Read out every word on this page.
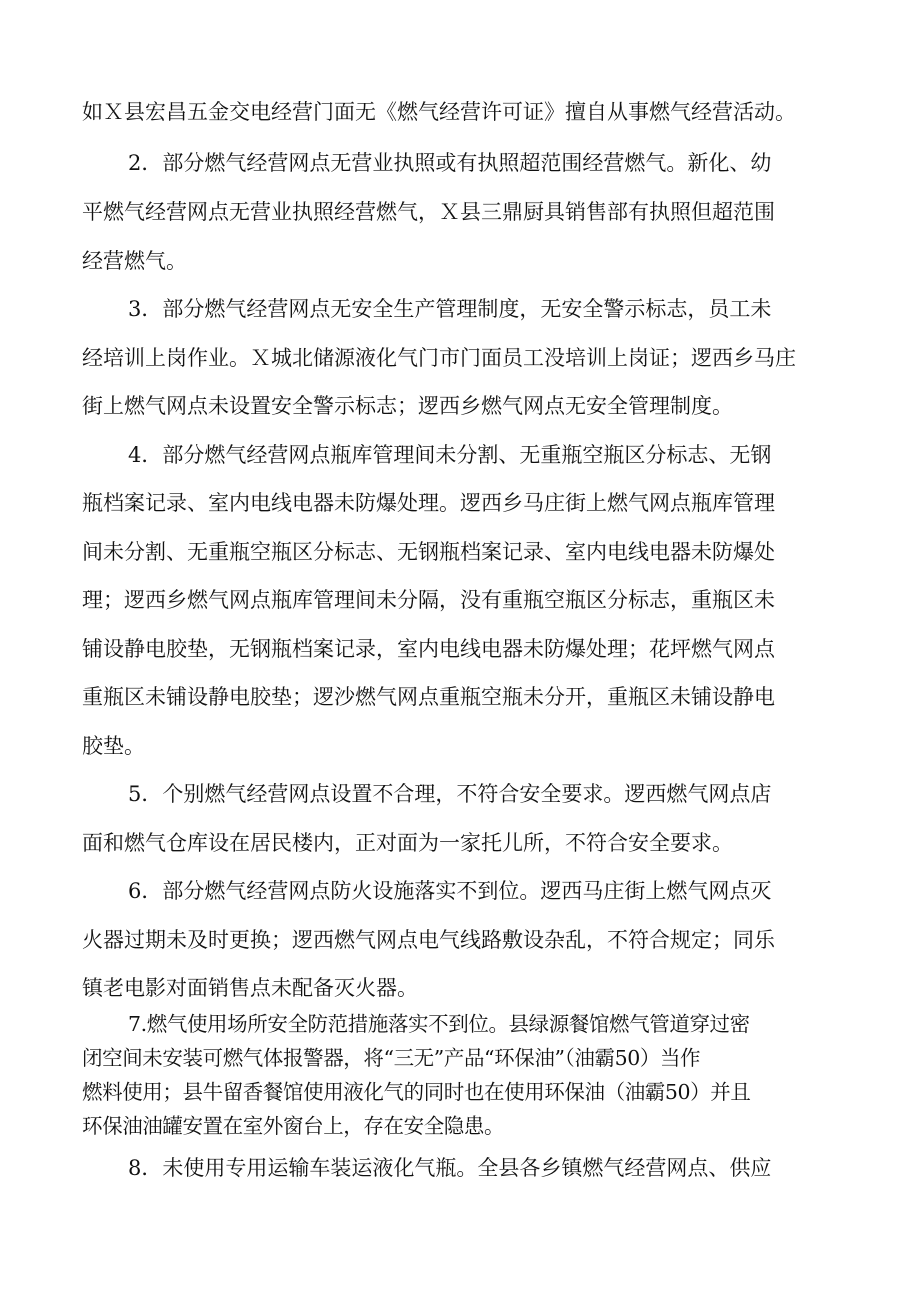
如Ｘ县宏昌五金交电经营门面无《燃气经营许可证》擅自从事燃气经营活动。
2．部分燃气经营网点无营业执照或有执照超范围经营燃气。新化、幼
平燃气经营网点无营业执照经营燃气，Ｘ县三鼎厨具销售部有执照但超范围
经营燃气。
3．部分燃气经营网点无安全生产管理制度，无安全警示标志，员工未
经培训上岗作业。Ｘ城北储源液化气门市门面员工没培训上岗证；逻西乡马庄
街上燃气网点未设置安全警示标志；逻西乡燃气网点无安全管理制度。
4．部分燃气经营网点瓶库管理间未分割、无重瓶空瓶区分标志、无钢
瓶档案记录、室内电线电器未防爆处理。逻西乡马庄街上燃气网点瓶库管理
间未分割、无重瓶空瓶区分标志、无钢瓶档案记录、室内电线电器未防爆处
理；逻西乡燃气网点瓶库管理间未分隔，没有重瓶空瓶区分标志，重瓶区未
铺设静电胶垫，无钢瓶档案记录，室内电线电器未防爆处理；花坪燃气网点
重瓶区未铺设静电胶垫；逻沙燃气网点重瓶空瓶未分开，重瓶区未铺设静电
胶垫。
5．个别燃气经营网点设置不合理，不符合安全要求。逻西燃气网点店
面和燃气仓库设在居民楼内，正对面为一家托儿所，不符合安全要求。
6．部分燃气经营网点防火设施落实不到位。逻西马庄街上燃气网点灭
火器过期未及时更换；逻西燃气网点电气线路敷设杂乱，不符合规定；同乐
镇老电影对面销售点未配备灭火器。
7.燃气使用场所安全防范措施落实不到位。县绿源餐馆燃气管道穿过密
闭空间未安装可燃气体报警器，将“三无”产品“环保油”（油霸50）当作
燃料使用；县牛留香餐馆使用液化气的同时也在使用环保油（油霸50）并且
环保油油罐安置在室外窗台上，存在安全隐患。
8．未使用专用运输车装运液化气瓶。全县各乡镇燃气经营网点、供应
